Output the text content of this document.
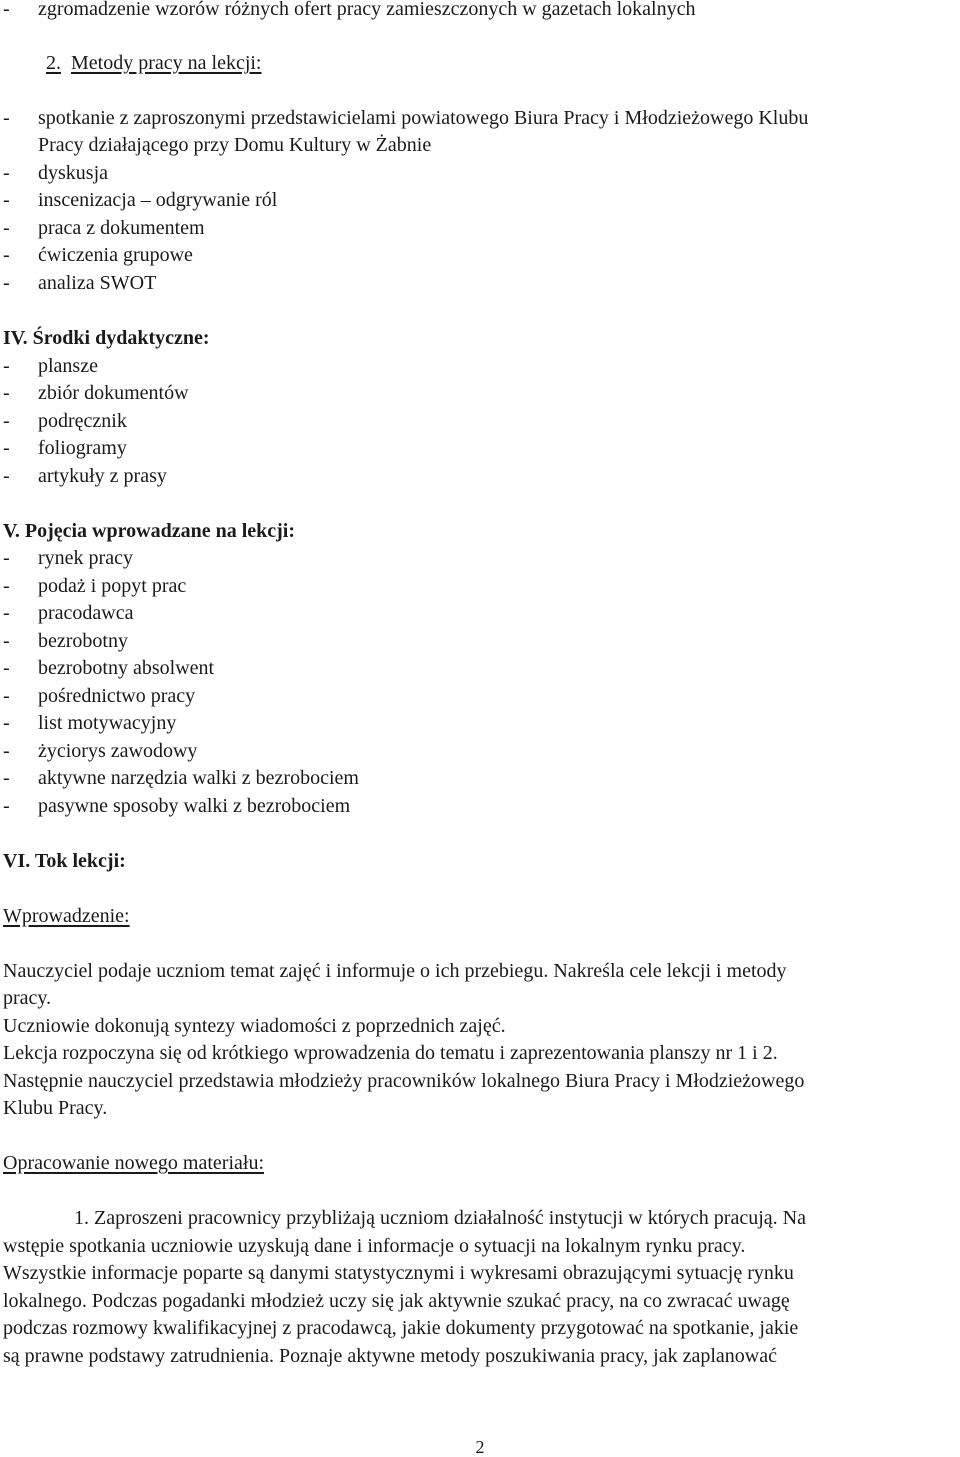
- zgromadzenie wzorów różnych ofert pracy zamieszczonych w gazetach lokalnych
2. Metody pracy na lekcji:
- spotkanie z zaproszonymi przedstawicielami powiatowego Biura Pracy i Młodzieżowego Klubu
Pracy działającego przy Domu Kultury w Żabnie
- dyskusja
- inscenizacja – odgrywanie ról
- praca z dokumentem
- ćwiczenia grupowe
- analiza SWOT
IV. Środki dydaktyczne:
- plansze
- zbiór dokumentów
- podręcznik
- foliogramy
- artykuły z prasy
V. Pojęcia wprowadzane na lekcji:
- rynek pracy
- podaż i popyt prac
- pracodawca
- bezrobotny
- bezrobotny absolwent
- pośrednictwo pracy
- list motywacyjny
- życiorys zawodowy
- aktywne narzędzia walki z bezrobociem
- pasywne sposoby walki z bezrobociem
VI. Tok lekcji:
Wprowadzenie:
Nauczyciel podaje uczniom temat zajęć i informuje o ich przebiegu. Nakreśla cele lekcji i metody
pracy.
Uczniowie dokonują syntezy wiadomości z poprzednich zajęć.
Lekcja rozpoczyna się od krótkiego wprowadzenia do tematu i zaprezentowania planszy nr 1 i 2.
Następnie nauczyciel przedstawia młodzieży pracowników lokalnego Biura Pracy i Młodzieżowego
Klubu Pracy.
Opracowanie nowego materiału:
1. Zaproszeni pracownicy przybliżają uczniom działalność instytucji w których pracują. Na
wstępie spotkania uczniowie uzyskują dane i informacje o sytuacji na lokalnym rynku pracy.
Wszystkie informacje poparte są danymi statystycznymi i wykresami obrazującymi sytuację rynku
lokalnego. Podczas pogadanki młodzież uczy się jak aktywnie szukać pracy, na co zwracać uwagę
podczas rozmowy kwalifikacyjnej z pracodawcą, jakie dokumenty przygotować na spotkanie, jakie
są prawne podstawy zatrudnienia. Poznaje aktywne metody poszukiwania pracy, jak zaplanować
2
